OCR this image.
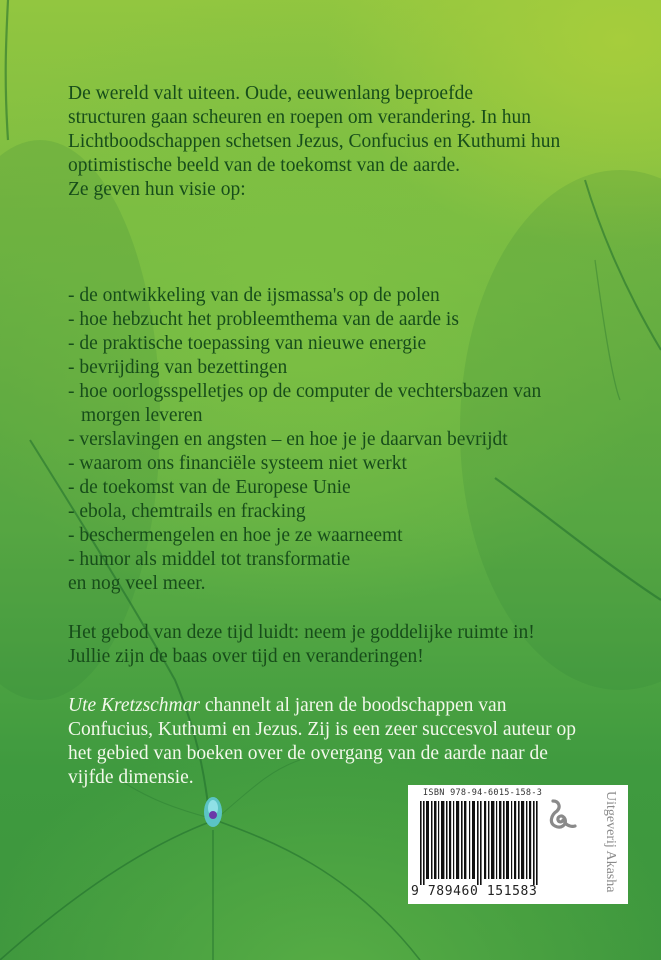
De wereld valt uiteen. Oude, eeuwenlang beproefde
structuren gaan scheuren en roepen om verandering. In hun
Lichtboodschappen schetsen Jezus, Confucius en Kuthumi hun
optimistische beeld van de toekomst van de aarde.
Ze geven hun visie op:
- de ontwikkeling van de ijsmassa's op de polen
- hoe hebzucht het probleemthema van de aarde is
- de praktische toepassing van nieuwe energie
- bevrijding van bezettingen
- hoe oorlogsspelletjes op de computer de vechtersbazen van morgen leveren
- verslavingen en angsten – en hoe je je daarvan bevrijdt
- waarom ons financiële systeem niet werkt
- de toekomst van de Europese Unie
- ebola, chemtrails en fracking
- beschermengelen en hoe je ze waarneemt
- humor als middel tot transformatie

en nog veel meer.

Het gebod van deze tijd luidt: neem je goddelijke ruimte in!
Jullie zijn de baas over tijd en veranderingen!
Ute Kretzschmar channelt al jaren de boodschappen van
Confucius, Kuthumi en Jezus. Zij is een zeer succesvol auteur op
het gebied van boeken over de overgang van de aarde naar de
vijfde dimensie.
ISBN 978-94-6015-158-3
9 789460 151583	Uitgeverij Akasha
